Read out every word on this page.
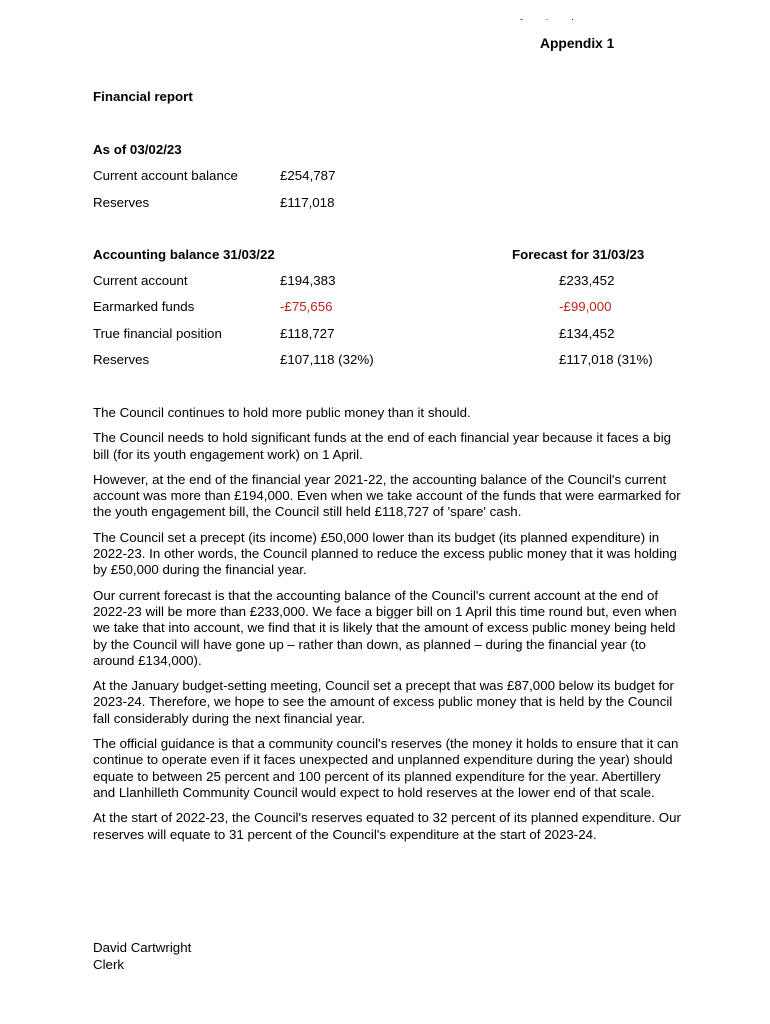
- · ·
Appendix 1
Financial report
As of 03/02/23
Current account balance	£254,787
Reserves	£117,018
Accounting balance 31/03/22	Forecast for 31/03/23
Current account	£194,383	£233,452
Earmarked funds	-£75,656	-£99,000
True financial position	£118,727	£134,452
Reserves	£107,118 (32%)	£117,018 (31%)

The Council continues to hold more public money than it should.

The Council needs to hold significant funds at the end of each financial year because it faces a big bill (for its youth engagement work) on 1 April.

However, at the end of the financial year 2021-22, the accounting balance of the Council's current account was more than £194,000. Even when we take account of the funds that were earmarked for the youth engagement bill, the Council still held £118,727 of 'spare' cash.

The Council set a precept (its income) £50,000 lower than its budget (its planned expenditure) in 2022-23. In other words, the Council planned to reduce the excess public money that it was holding by £50,000 during the financial year.

Our current forecast is that the accounting balance of the Council's current account at the end of 2022-23 will be more than £233,000. We face a bigger bill on 1 April this time round but, even when we take that into account, we find that it is likely that the amount of excess public money being held by the Council will have gone up – rather than down, as planned – during the financial year (to around £134,000).

At the January budget-setting meeting, Council set a precept that was £87,000 below its budget for 2023-24. Therefore, we hope to see the amount of excess public money that is held by the Council fall considerably during the next financial year.

The official guidance is that a community council's reserves (the money it holds to ensure that it can continue to operate even if it faces unexpected and unplanned expenditure during the year) should equate to between 25 percent and 100 percent of its planned expenditure for the year. Abertillery and Llanhilleth Community Council would expect to hold reserves at the lower end of that scale.

At the start of 2022-23, the Council's reserves equated to 32 percent of its planned expenditure. Our reserves will equate to 31 percent of the Council's expenditure at the start of 2023-24.

David Cartwright
Clerk
